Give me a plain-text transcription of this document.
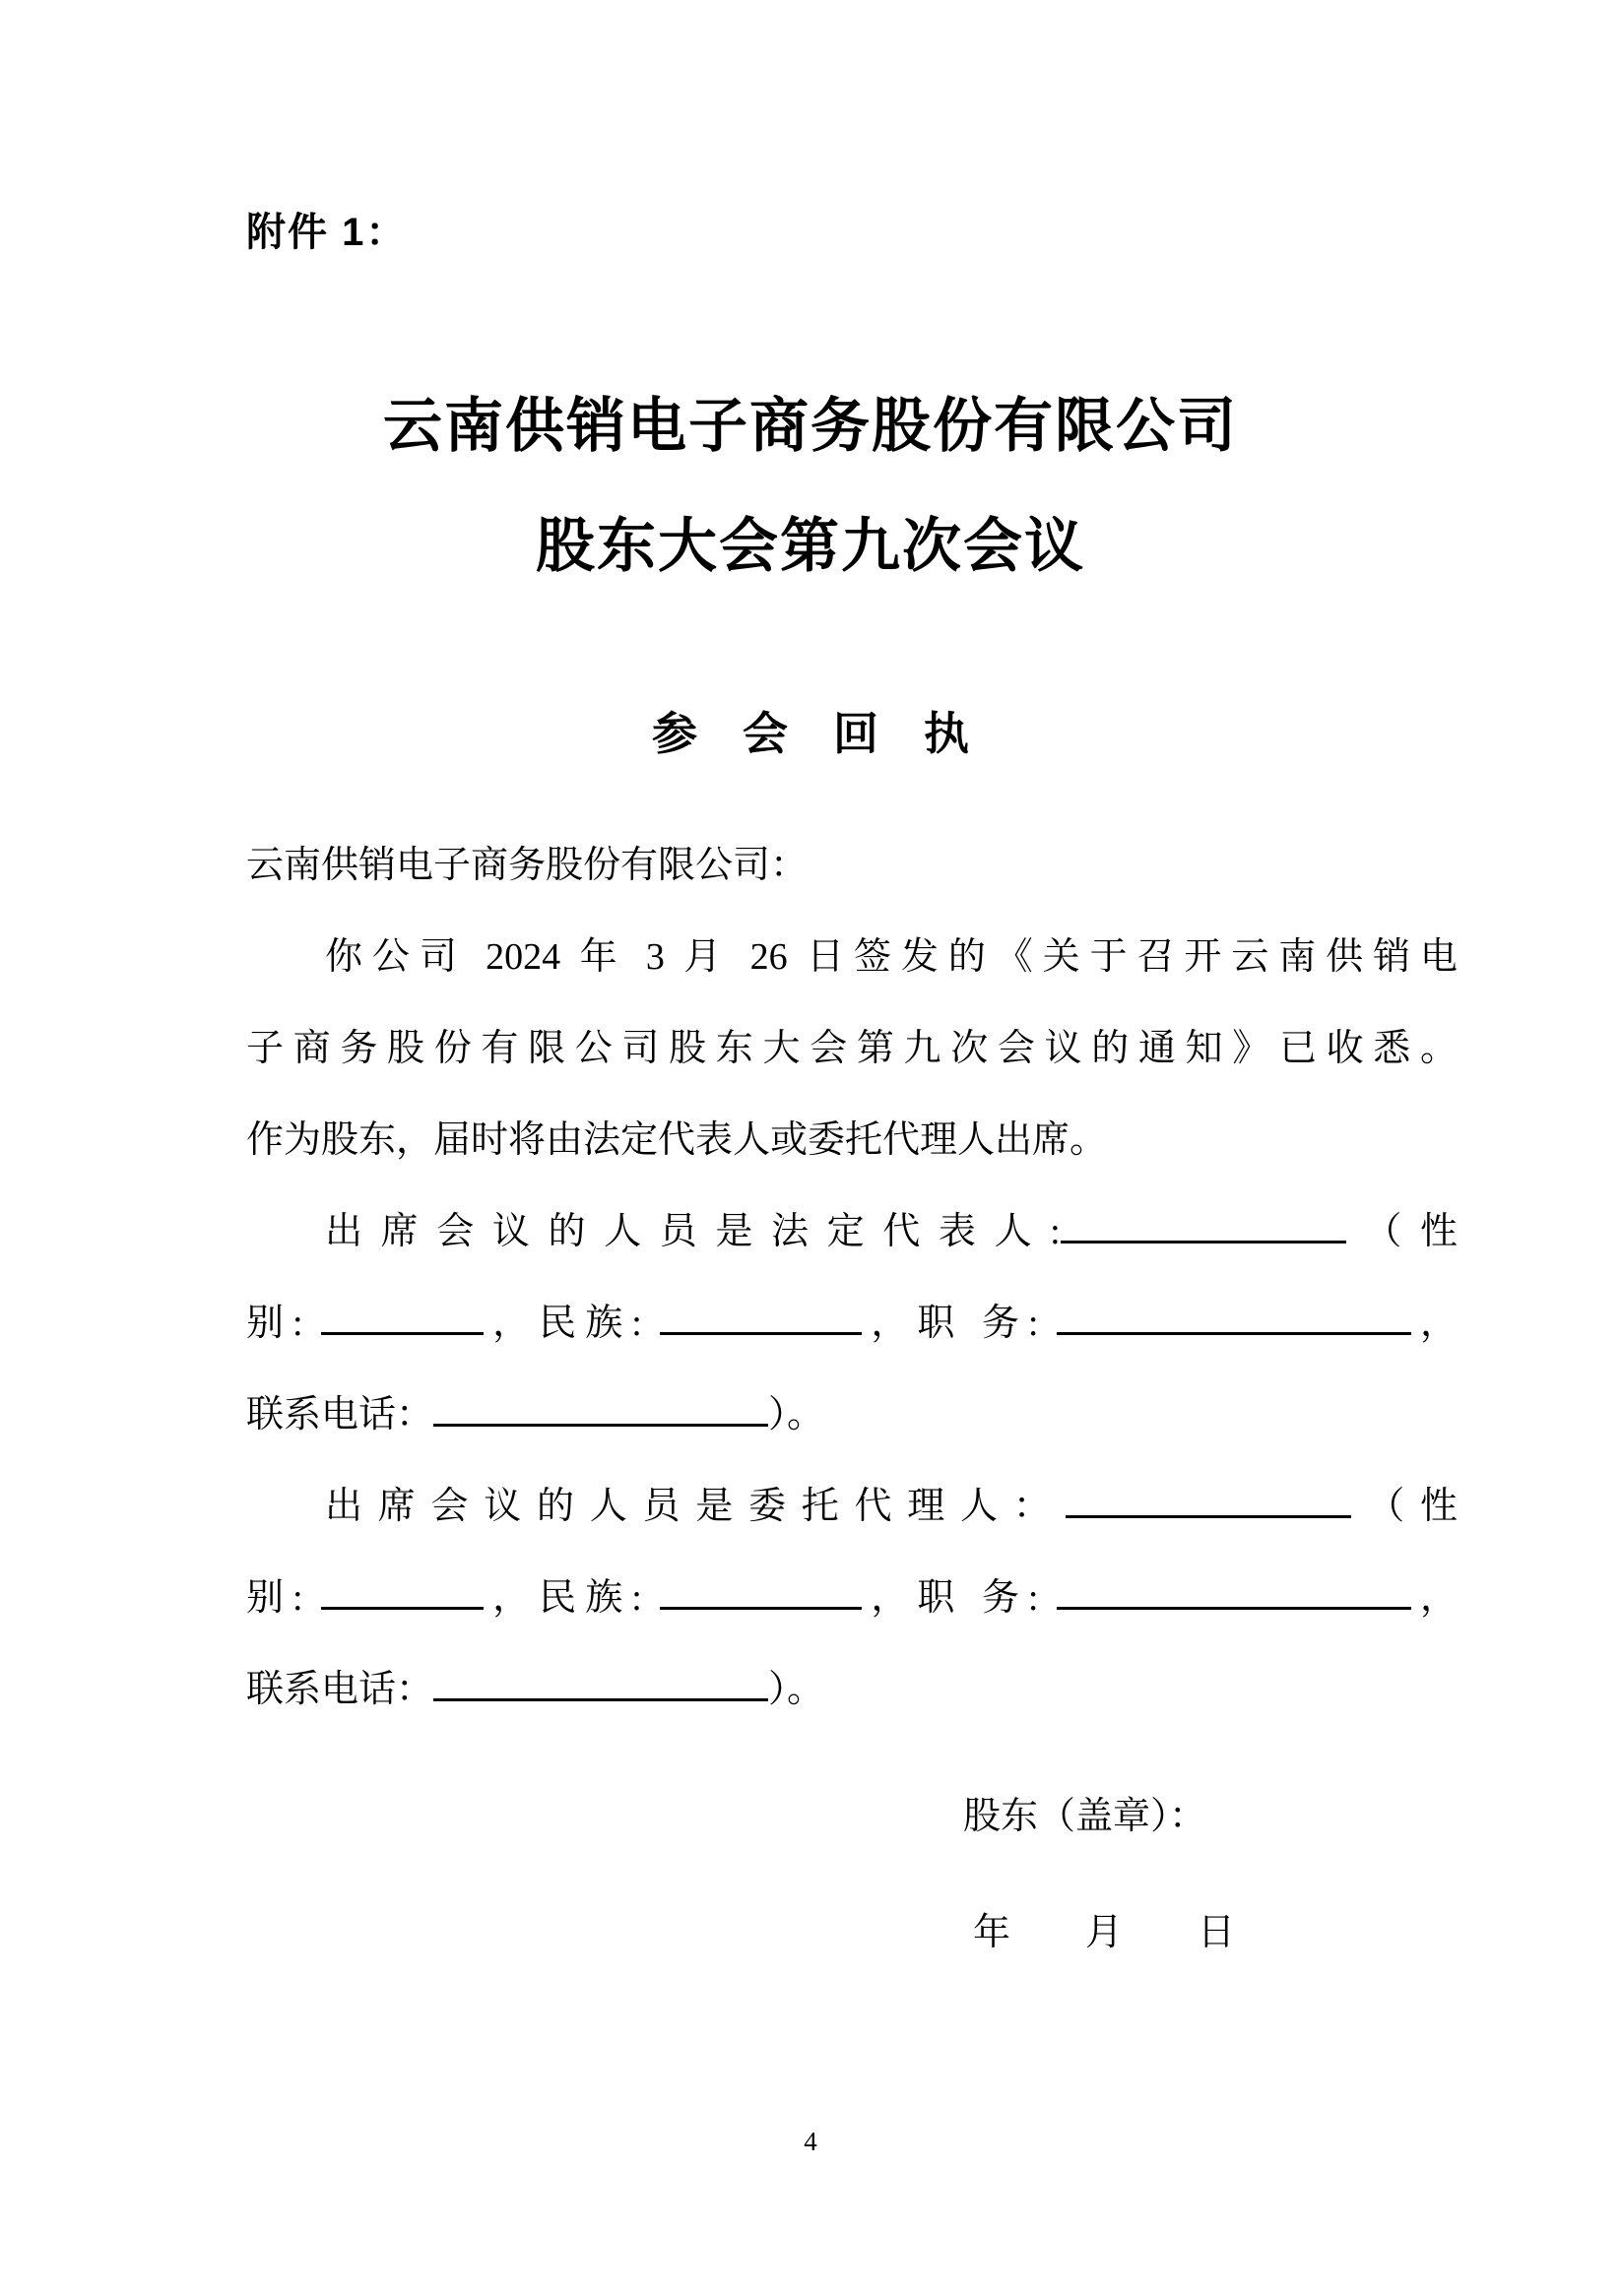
附件 1：
云南供销电子商务股份有限公司
股东大会第九次会议
参　会　回　执
云南供销电子商务股份有限公司：
你公司 2024 年 3 月 26 日签发的《关于召开云南供销电
子商务股份有限公司股东大会第九次会议的通知》已收悉。
作为股东，届时将由法定代表人或委托代理人出席。
出席会议的人员是法定代表人:	（性
别:	，民族:	，职 务:	，
联系电话：	）。
出席会议的人员是委托代理人：	（性
别:	，民族:	，职 务:	，
联系电话：	）。
股东（盖章）：
年　　月　　日
4
